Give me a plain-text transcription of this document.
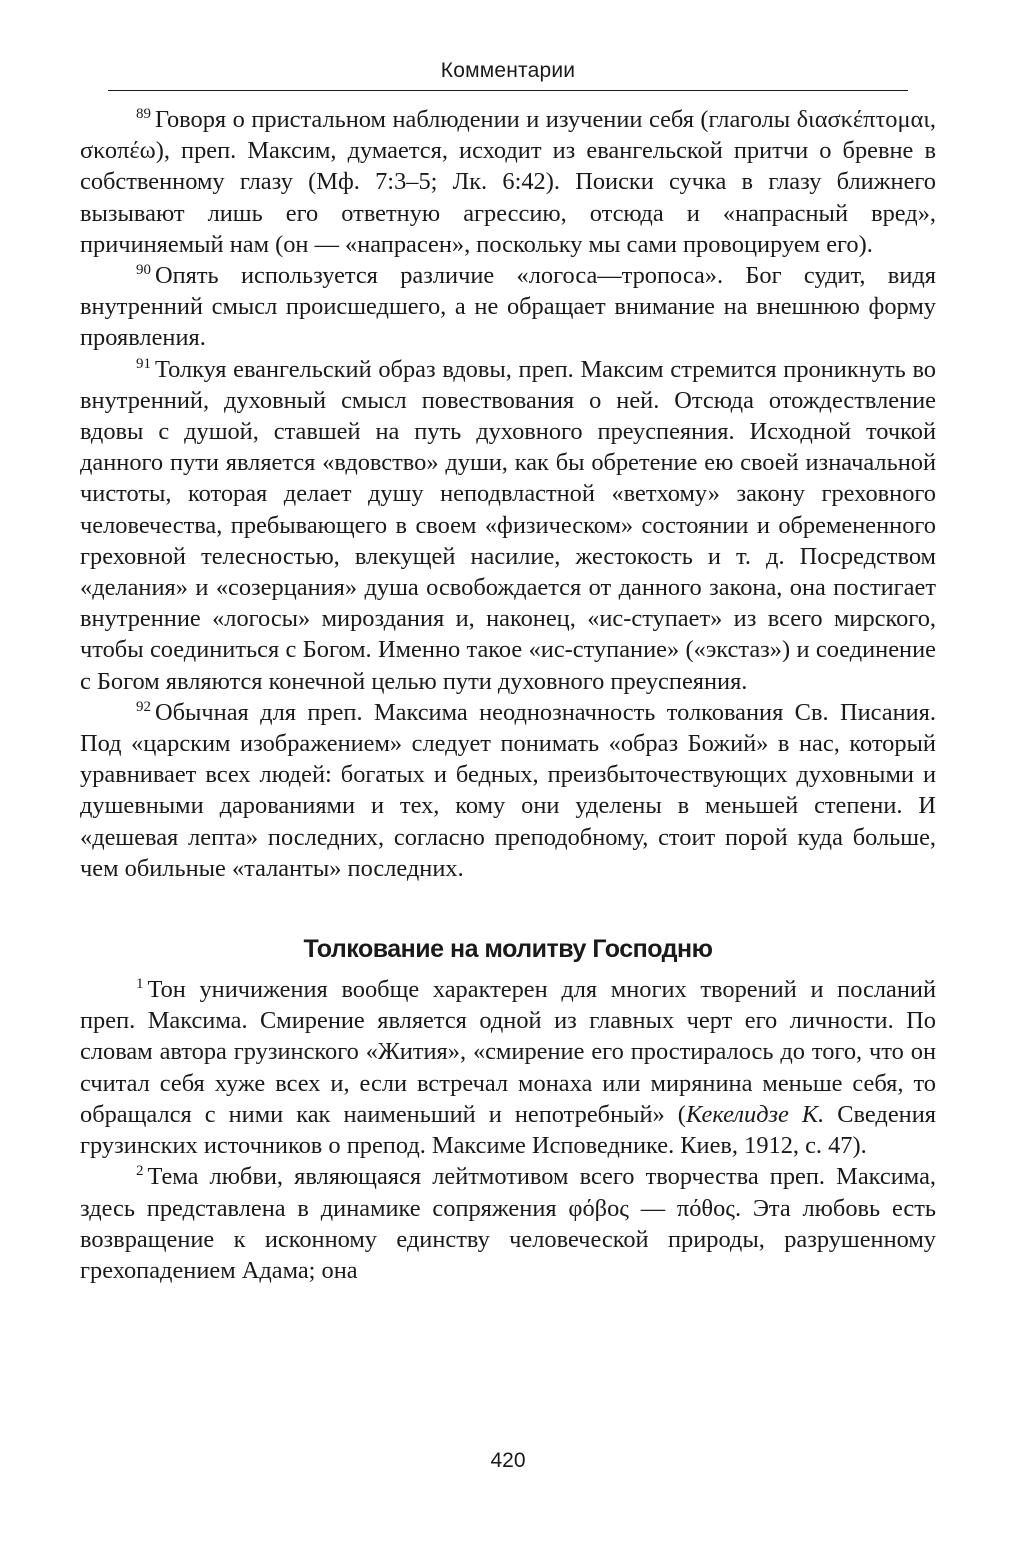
Комментарии

$^{89}$ Говоря о пристальном наблюдении и изучении себя (глаголы διασκέπτομαι, σκοπέω), преп. Максим, думается, исходит из евангельской притчи о бревне в собственному глазу (Мф. 7:3–5; Лк. 6:42). Поиски сучка в глазу ближнего вызывают лишь его ответную агрессию, отсюда и «напрасный вред», причиняемый нам (он — «напрасен», поскольку мы сами провоцируем его).

$^{90}$ Опять используется различие «логоса—тропоса». Бог судит, видя внутренний смысл происшедшего, а не обращает внимание на внешнюю форму проявления.

$^{91}$ Толкуя евангельский образ вдовы, преп. Максим стремится проникнуть во внутренний, духовный смысл повествования о ней. Отсюда отождествление вдовы с душой, ставшей на путь духовного преуспеяния. Исходной точкой данного пути является «вдовство» души, как бы обретение ею своей изначальной чистоты, которая делает душу неподвластной «ветхому» закону греховного человечества, пребывающего в своем «физическом» состоянии и обремененного греховной телесностью, влекущей насилие, жестокость и т. д. Посредством «делания» и «созерцания» душа освобождается от данного закона, она постигает внутренние «логосы» мироздания и, наконец, «ис-ступает» из всего мирского, чтобы соединиться с Богом. Именно такое «ис-ступание» («экстаз») и соединение с Богом являются конечной целью пути духовного преуспеяния.

$^{92}$ Обычная для преп. Максима неоднозначность толкования Св. Писания. Под «царским изображением» следует понимать «образ Божий» в нас, который уравнивает всех людей: богатых и бедных, преизбыточествующих духовными и душевными дарованиями и тех, кому они уделены в меньшей степени. И «дешевая лепта» последних, согласно преподобному, стоит порой куда больше, чем обильные «таланты» последних.

Толкование на молитву Господню

$^1$ Тон уничижения вообще характерен для многих творений и посланий преп. Максима. Смирение является одной из главных черт его личности. По словам автора грузинского «Жития», «смирение его простиралось до того, что он считал себя хуже всех и, если встречал монаха или мирянина меньше себя, то обращался с ними как наименьший и непотребный» (Кекелидзе К. Сведения грузинских источников о препод. Максиме Исповеднике. Киев, 1912, с. 47).

$^2$ Тема любви, являющаяся лейтмотивом всего творчества преп. Максима, здесь представлена в динамике сопряжения φόβος — πόθος. Эта любовь есть возвращение к исконному единству человеческой природы, разрушенному грехопадением Адама; она

420
